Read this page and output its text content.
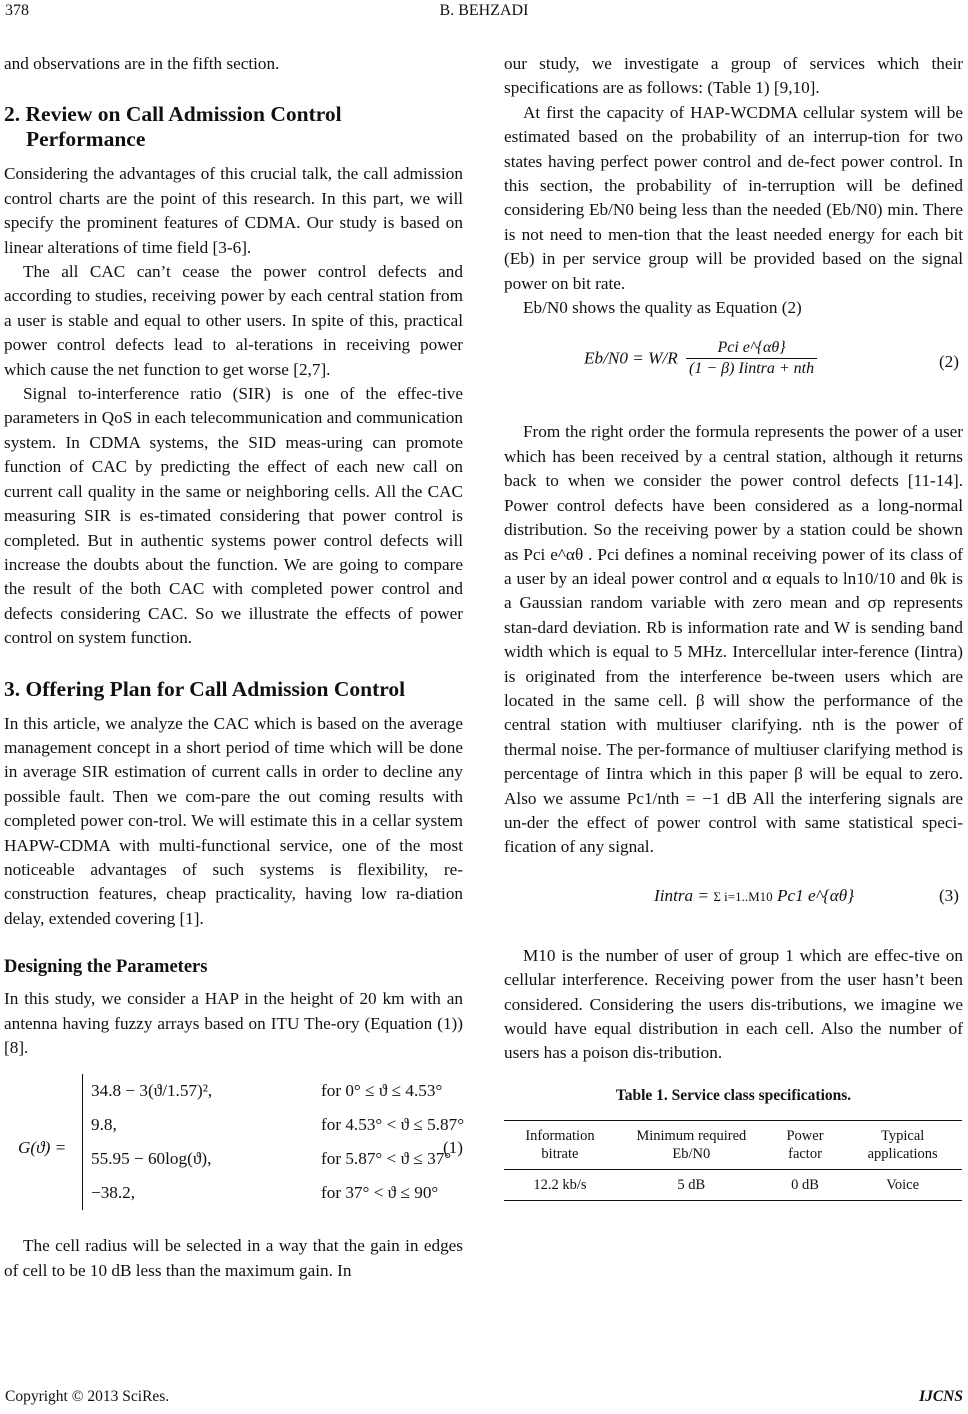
378	B. BEHZADI

and observations are in the fifth section.

2. Review on Call Admission Control
Performance

Considering the advantages of this crucial talk, the call admission control charts are the point of this research. In this part, we will specify the prominent features of CDMA. Our study is based on linear alterations of time field [3-6].

The all CAC can’t cease the power control defects and according to studies, receiving power by each central station from a user is stable and equal to other users. In spite of this, practical power control defects lead to al-terations in receiving power which cause the net function to get worse [2,7].

Signal to-interference ratio (SIR) is one of the effec-tive parameters in QoS in each telecommunication and communication system. In CDMA systems, the SID meas-uring can promote function of CAC by predicting the effect of each new call on current call quality in the same or neighboring cells. All the CAC measuring SIR is es-timated considering that power control is completed. But in authentic systems power control defects will increase the doubts about the function. We are going to compare the result of the both CAC with completed power control and defects considering CAC. So we illustrate the effects of power control on system function.

3. Offering Plan for Call Admission Control

In this article, we analyze the CAC which is based on the average management concept in a short period of time which will be done in average SIR estimation of current calls in order to decline any possible fault. Then we com-pare the out coming results with completed power con-trol. We will estimate this in a cellar system HAPW-CDMA with multi-functional service, one of the most noticeable advantages of such systems is flexibility, re-construction features, cheap practicality, having low ra-diation delay, extended covering [1].

Designing the Parameters

In this study, we consider a HAP in the height of 20 km with an antenna having fuzzy arrays based on ITU The-ory (Equation (1)) [8].

G(ϑ) =
34.8 − 3(ϑ/1.57)²,	for 0° ≤ ϑ ≤ 4.53°
9.8,	for 4.53° < ϑ ≤ 5.87°
55.95 − 60log(ϑ),	for 5.87° < ϑ ≤ 37°
−38.2,	for 37° < ϑ ≤ 90°
(1)

The cell radius will be selected in a way that the gain in edges of cell to be 10 dB less than the maximum gain. In

our study, we investigate a group of services which their specifications are as follows: (Table 1) [9,10].

At first the capacity of HAP-WCDMA cellular system will be estimated based on the probability of an interrup-tion for two states having perfect power control and de-fect power control. In this section, the probability of in-terruption will be defined considering Eb/N0 being less than the needed (Eb/N0) min. There is not need to men-tion that the least needed energy for each bit (Eb) in per service group will be provided based on the signal power on bit rate.

Eb/N0 shows the quality as Equation (2)

$Eb/N0 = W/R \frac{\text{Pci e\textasciicircum{}\{αθ\}}}{\text{(1 − β) Iintra + nth}}$	(2)

From the right order the formula represents the power of a user which has been received by a central station, although it returns back to when we consider the power control defects [11-14]. Power control defects have been considered as a long-normal distribution. So the receiving power by a station could be shown as Pci e^αθ . Pci defines a nominal receiving power of its class of a user by an ideal power control and α equals to ln10/10 and θk is a Gaussian random variable with zero mean and σp represents stan-dard deviation. Rb is information rate and W is sending band width which is equal to 5 MHz. Intercellular inter-ference (Iintra) is originated from the interference be-tween users which are located in the same cell. β will show the performance of the central station with multiuser clarifying. nth is the power of thermal noise. The per-formance of multiuser clarifying method is percentage of Iintra which in this paper β will be equal to zero. Also we assume Pc1/nth = −1 dB All the interfering signals are un-der the effect of power control with same statistical speci-fication of any signal.

Iintra = Σ i=1..M10 Pc1 e^{αθ}	(3)

M10 is the number of user of group 1 which are effec-tive on cellular interference. Receiving power from the user hasn’t been considered. Considering the users dis-tributions, we imagine we would have equal distribution in each cell. Also the number of users has a poison dis-tribution.

Table 1. Service class specifications.
Information bitrate	Minimum required Eb/N0	Power factor	Typical applications
12.2 kb/s	5 dB	0 dB	Voice
Copyright © 2013 SciRes.	IJCNS
